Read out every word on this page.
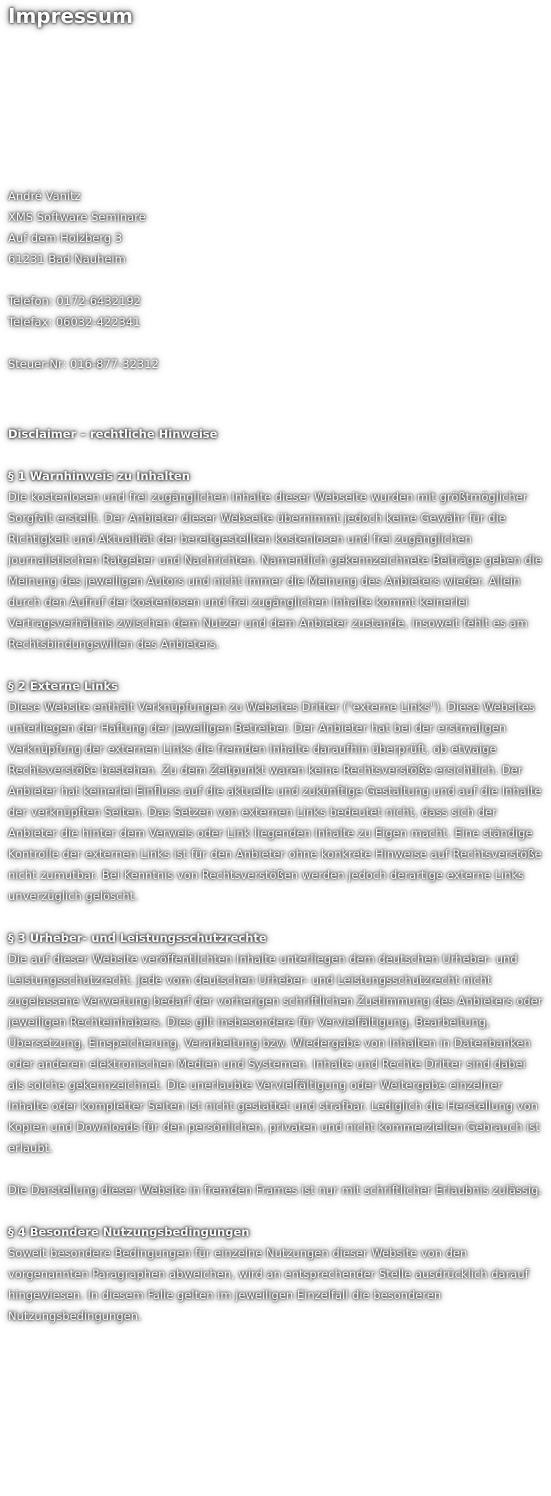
Impressum

André Vanitz

XMS Software Seminare

Auf dem Holzberg 3

61231 Bad Nauheim

Telefon: 0172-6432192

Telefax: 06032-422341

Steuer-Nr: 016-877-32312

Disclaimer – rechtliche Hinweise

§ 1 Warnhinweis zu Inhalten

Die kostenlosen und frei zugänglichen Inhalte dieser Webseite wurden mit größtmöglicher Sorgfalt erstellt. Der Anbieter dieser Webseite übernimmt jedoch keine Gewähr für die Richtigkeit und Aktualität der bereitgestellten kostenlosen und frei zugänglichen journalistischen Ratgeber und Nachrichten. Namentlich gekennzeichnete Beiträge geben die Meinung des jeweiligen Autors und nicht immer die Meinung des Anbieters wieder. Allein durch den Aufruf der kostenlosen und frei zugänglichen Inhalte kommt keinerlei Vertragsverhältnis zwischen dem Nutzer und dem Anbieter zustande, insoweit fehlt es am Rechtsbindungswillen des Anbieters.

§ 2 Externe Links

Diese Website enthält Verknüpfungen zu Websites Dritter ("externe Links"). Diese Websites unterliegen der Haftung der jeweiligen Betreiber. Der Anbieter hat bei der erstmaligen Verknüpfung der externen Links die fremden Inhalte daraufhin überprüft, ob etwaige Rechtsverstöße bestehen. Zu dem Zeitpunkt waren keine Rechtsverstöße ersichtlich. Der Anbieter hat keinerlei Einfluss auf die aktuelle und zukünftige Gestaltung und auf die Inhalte der verknüpften Seiten. Das Setzen von externen Links bedeutet nicht, dass sich der Anbieter die hinter dem Verweis oder Link liegenden Inhalte zu Eigen macht. Eine ständige Kontrolle der externen Links ist für den Anbieter ohne konkrete Hinweise auf Rechtsverstöße nicht zumutbar. Bei Kenntnis von Rechtsverstößen werden jedoch derartige externe Links unverzüglich gelöscht.

§ 3 Urheber- und Leistungsschutzrechte

Die auf dieser Website veröffentlichten Inhalte unterliegen dem deutschen Urheber- und Leistungsschutzrecht. Jede vom deutschen Urheber- und Leistungsschutzrecht nicht zugelassene Verwertung bedarf der vorherigen schriftlichen Zustimmung des Anbieters oder jeweiligen Rechteinhabers. Dies gilt insbesondere für Vervielfältigung, Bearbeitung, Übersetzung, Einspeicherung, Verarbeitung bzw. Wiedergabe von Inhalten in Datenbanken oder anderen elektronischen Medien und Systemen. Inhalte und Rechte Dritter sind dabei als solche gekennzeichnet. Die unerlaubte Vervielfältigung oder Weitergabe einzelner Inhalte oder kompletter Seiten ist nicht gestattet und strafbar. Lediglich die Herstellung von Kopien und Downloads für den persönlichen, privaten und nicht kommerziellen Gebrauch ist erlaubt.

Die Darstellung dieser Website in fremden Frames ist nur mit schriftlicher Erlaubnis zulässig.

§ 4 Besondere Nutzungsbedingungen

Soweit besondere Bedingungen für einzelne Nutzungen dieser Website von den vorgenannten Paragraphen abweichen, wird an entsprechender Stelle ausdrücklich darauf hingewiesen. In diesem Falle gelten im jeweiligen Einzelfall die besonderen Nutzungsbedingungen.
